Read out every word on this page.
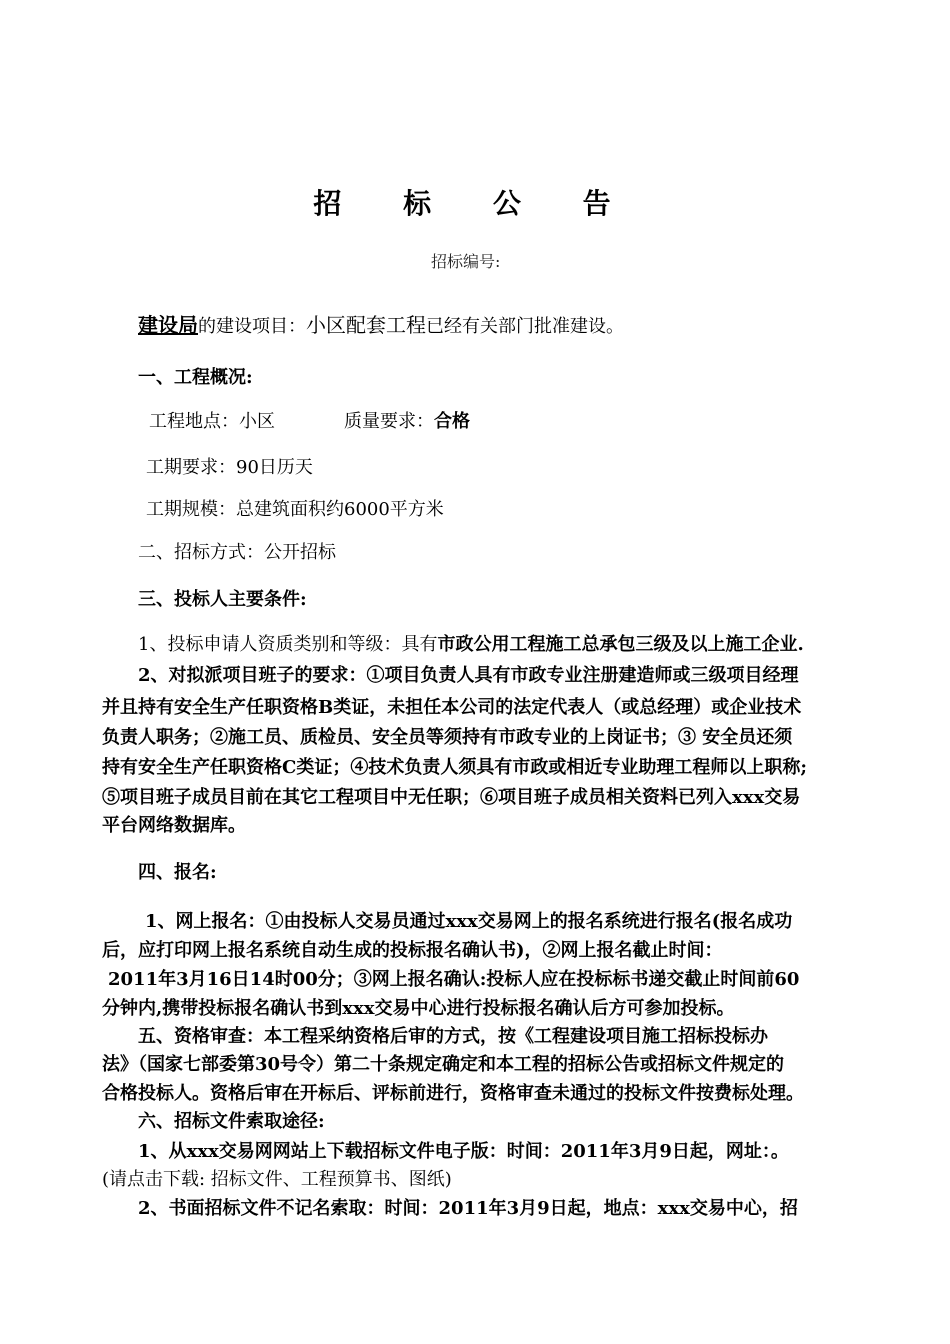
招 标 公 告
招标编号:
建设局的建设项目：小区配套工程已经有关部门批准建设。
一、工程概况:
工程地点：小区	质量要求：合格
工期要求：90日历天
工期规模：总建筑面积约6000平方米
二、招标方式：公开招标
三、投标人主要条件:
1、投标申请人资质类别和等级：具有市政公用工程施工总承包三级及以上施工企业.
2、对拟派项目班子的要求：①项目负责人具有市政专业注册建造师或三级项目经理
并且持有安全生产任职资格B类证，未担任本公司的法定代表人（或总经理）或企业技术
负责人职务；②施工员、质检员、安全员等须持有市政专业的上岗证书；③ 安全员还须
持有安全生产任职资格C类证；④技术负责人须具有市政或相近专业助理工程师以上职称;
⑤项目班子成员目前在其它工程项目中无任职；⑥项目班子成员相关资料已列入xxx交易
平台网络数据库。
四、报名:
1、网上报名：①由投标人交易员通过xxx交易网上的报名系统进行报名(报名成功
后，应打印网上报名系统自动生成的投标报名确认书)，②网上报名截止时间：
2011年3月16日14时00分；③网上报名确认:投标人应在投标标书递交截止时间前60
分钟内,携带投标报名确认书到xxx交易中心进行投标报名确认后方可参加投标。
五、资格审查：本工程采纳资格后审的方式，按《工程建设项目施工招标投标办
法》（国家七部委第30号令）第二十条规定确定和本工程的招标公告或招标文件规定的
合格投标人。资格后审在开标后、评标前进行，资格审查未通过的投标文件按费标处理。
六、招标文件索取途径:
1、从xxx交易网网站上下载招标文件电子版：时间：2011年3月9日起，网址：。
(请点击下载: 招标文件、工程预算书、图纸)
2、书面招标文件不记名索取：时间：2011年3月9日起，地点：xxx交易中心，招
